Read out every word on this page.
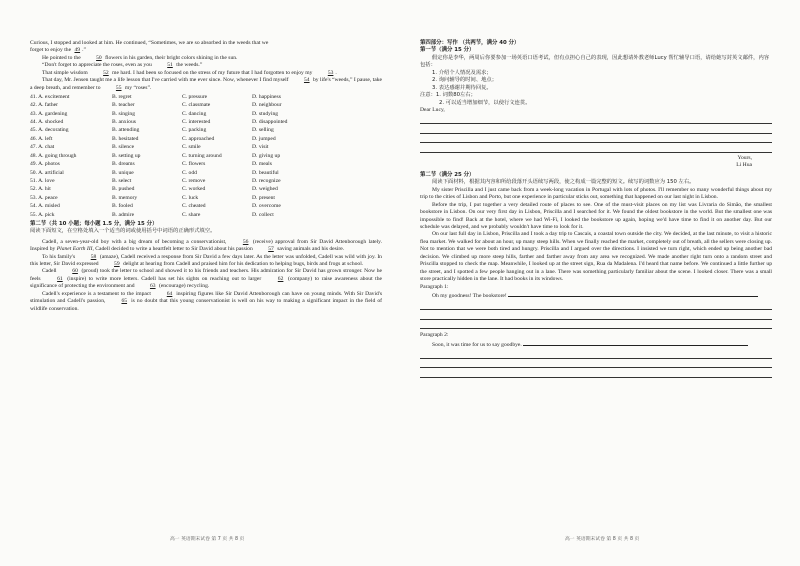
Curious, I stopped and looked at him. He continued, “Sometimes, we are so absorbed in the weeds that we

forget to enjoy the 49 .”

He pointed to the	50 flowers in his garden, their bright colors shining in the sun.

“Don't forget to appreciate the roses, even as you	51 the weeds.”

That simple wisdom	52 me hard. I had been so focused on the stress of my future that I had forgotten to enjoy my	53 .

That day, Mr. Jensen taught me a life lesson that I've carried with me ever since. Now, whenever I find myself	54 by life's “weeds,” I pause, take a deep breath, and remember to	55 my “roses”.

41. A. excitement	B. regret	C. pressure	D. happiness
42. A. father	B. teacher	C. classmate	D. neighbour
43. A. gardening	B. singing	C. dancing	D. studying
44. A. shocked	B. anxious	C. interested	D. disappointed
45. A. decorating	B. attending	C. packing	D. selling
46. A. left	B. hesitated	C. approached	D. jumped
47. A. chat	B. silence	C. smile	D. visit
48. A. going through	B. setting up	C. turning around	D. giving up
49. A. photos	B. dreams	C. flowers	D. meals
50. A. artificial	B. unique	C. odd	D. beautiful
51. A. love	B. select	C. remove	D. recognize
52. A. hit	B. pushed	C. worked	D. weighed
53. A. peace	B. memory	C. luck	D. present
54. A. misled	B. fooled	C. cheated	D. overcome
55. A. pick	B. admire	C. share	D. collect

第二节（共 10 小题；每小题 1.5 分，满分 15 分）

阅读下面短文，在空格处填入一个适当的词或使用括号中词语的正确形式填空。

Cadell, a seven-year-old boy with a big dream of becoming a conservationist,	56 (receive) approval from Sir David Attenborough lately. Inspired by Planet Earth III, Cadell decided to write a heartfelt letter to Sir David about his passion	57 saving animals and his desire.

To his family's	58 (amaze), Cadell received a response from Sir David a few days later. As the letter was unfolded, Cadell was wild with joy. In this letter, Sir David expressed	59 delight at hearing from Cadell and praised him for his dedication to helping bugs, birds and frogs at school.

Cadell	60 (proud) took the letter to school and showed it to his friends and teachers. His admiration for Sir David has grown stronger. Now he feels	61 (inspire) to write more letters. Cadell has set his sights on reaching out to larger	62 (company) to raise awareness about the significance of protecting the environment and	63 (encourage) recycling.

Cadell's experience is a testament to the impact	64 inspiring figures like Sir David Attenborough can have on young minds. With Sir David's stimulation and Cadell's passion,	65 is no doubt that this young conservationist is well on his way to making a significant impact in the field of wildlife conservation.

高一 英语期末试卷 第 7 页 共 8 页

第四部分：写作 （共两节，满分 40 分）

第一节（满分 15 分）

假定你是李华，两周后你要参加一场英语口语考试，但有点担心自己的表现，因此想请外教老师Lucy 帮忙辅导口语，请给她写封英文邮件，内容包括：

1. 介绍个人情况及需求；

2. 询问辅导的时间、地点；

3. 表达感谢并期待回复。

注意：1. 词数80左右；

2. 可以适当增加细节，以使行文连贯。

Dear Lucy,

Yours,

Li Hua

第二节（满分 25 分）

阅读下面材料，根据其内容和所给段落开头语续写两段，使之构成一篇完整的短文。续写的词数应为 150 左右。

My sister Priscilla and I just came back from a week-long vacation in Portugal with lots of photos. I'll remember so many wonderful things about my trip to the cities of Lisbon and Porto, but one experience in particular sticks out, something that happened on our last night in Lisbon.

Before the trip, I put together a very detailed route of places to see. One of the must-visit places on my list was Livraria do Simão, the smallest bookstore in Lisbon. On our very first day in Lisbon, Priscilla and I searched for it. We found the oldest bookstore in the world. But the smallest one was impossible to find! Back at the hotel, where we had Wi-Fi, I looked the bookstore up again, hoping we'd have time to find it on another day. But our schedule was delayed, and we probably wouldn't have time to look for it.

On our last full day in Lisbon, Priscilla and I took a day trip to Cascais, a coastal town outside the city. We decided, at the last minute, to visit a historic flea market. We walked for about an hour, up many steep hills. When we finally reached the market, completely out of breath, all the sellers were closing up. Not to mention that we were both tired and hungry. Priscilla and I argued over the directions. I insisted we turn right, which ended up being another bad decision. We climbed up more steep hills, farther and farther away from any area we recognized. We made another right turn onto a random street and Priscilla stopped to check the map. Meanwhile, I looked up at the street sign, Rua da Madalena. I'd heard that name before. We continued a little further up the street, and I spotted a few people hanging out in a lane. There was something particularly familiar about the scene. I looked closer. There was a small store practically hidden in the lane. It had books in its windows.

Paragraph 1:

Oh my goodness! The bookstore!

Paragraph 2:

Soon, it was time for us to say goodbye.

高一 英语期末试卷 第 8 页 共 8 页
